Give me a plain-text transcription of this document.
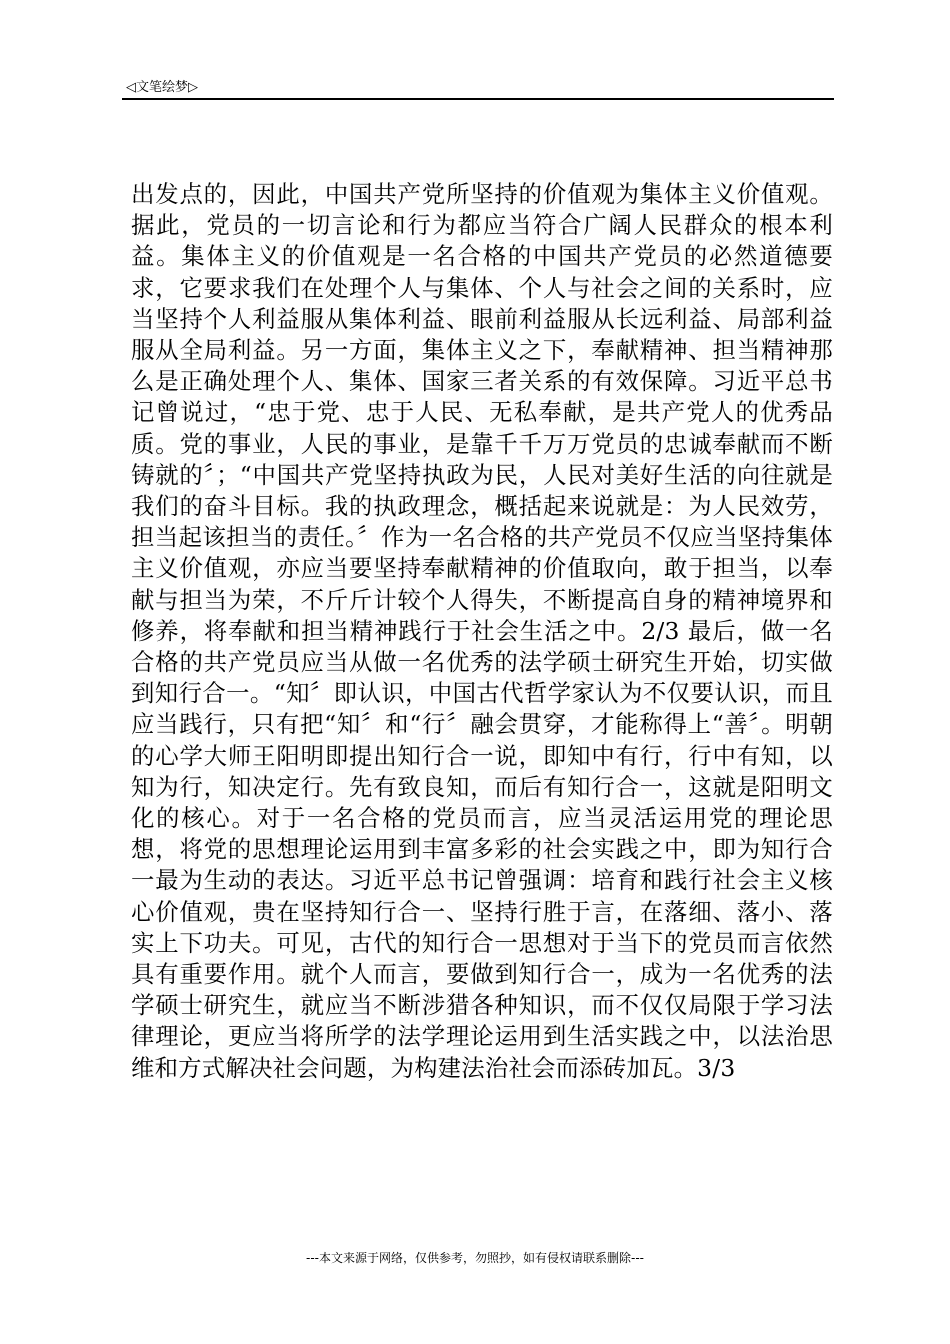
◁文笔绘梦▷

出发点的，因此，中国共产党所坚持的价值观为集体主义价值观。据此，党员的一切言论和行为都应当符合广阔人民群众的根本利益。集体主义的价值观是一名合格的中国共产党员的必然道德要求，它要求我们在处理个人与集体、个人与社会之间的关系时，应当坚持个人利益服从集体利益、眼前利益服从长远利益、局部利益服从全局利益。另一方面，集体主义之下，奉献精神、担当精神那么是正确处理个人、集体、国家三者关系的有效保障。习近平总书记曾说过，“忠于党、忠于人民、无私奉献，是共产党人的优秀品质。党的事业，人民的事业，是靠千千万万党员的忠诚奉献而不断铸就的〞；“中国共产党坚持执政为民，人民对美好生活的向往就是我们的奋斗目标。我的执政理念，概括起来说就是：为人民效劳，担当起该担当的责任。〞作为一名合格的共产党员不仅应当坚持集体主义价值观，亦应当要坚持奉献精神的价值取向，敢于担当，以奉献与担当为荣，不斤斤计较个人得失，不断提高自身的精神境界和修养，将奉献和担当精神践行于社会生活之中。2/3 最后，做一名合格的共产党员应当从做一名优秀的法学硕士研究生开始，切实做到知行合一。“知〞即认识，中国古代哲学家认为不仅要认识，而且应当践行，只有把“知〞和“行〞融会贯穿，才能称得上“善〞。明朝的心学大师王阳明即提出知行合一说，即知中有行，行中有知，以知为行，知决定行。先有致良知，而后有知行合一，这就是阳明文化的核心。对于一名合格的党员而言，应当灵活运用党的理论思想，将党的思想理论运用到丰富多彩的社会实践之中，即为知行合一最为生动的表达。习近平总书记曾强调：培育和践行社会主义核心价值观，贵在坚持知行合一、坚持行胜于言，在落细、落小、落实上下功夫。可见，古代的知行合一思想对于当下的党员而言依然具有重要作用。就个人而言，要做到知行合一，成为一名优秀的法学硕士研究生，就应当不断涉猎各种知识，而不仅仅局限于学习法律理论，更应当将所学的法学理论运用到生活实践之中，以法治思维和方式解决社会问题，为构建法治社会而添砖加瓦。3/3

---本文来源于网络，仅供参考，勿照抄，如有侵权请联系删除---
